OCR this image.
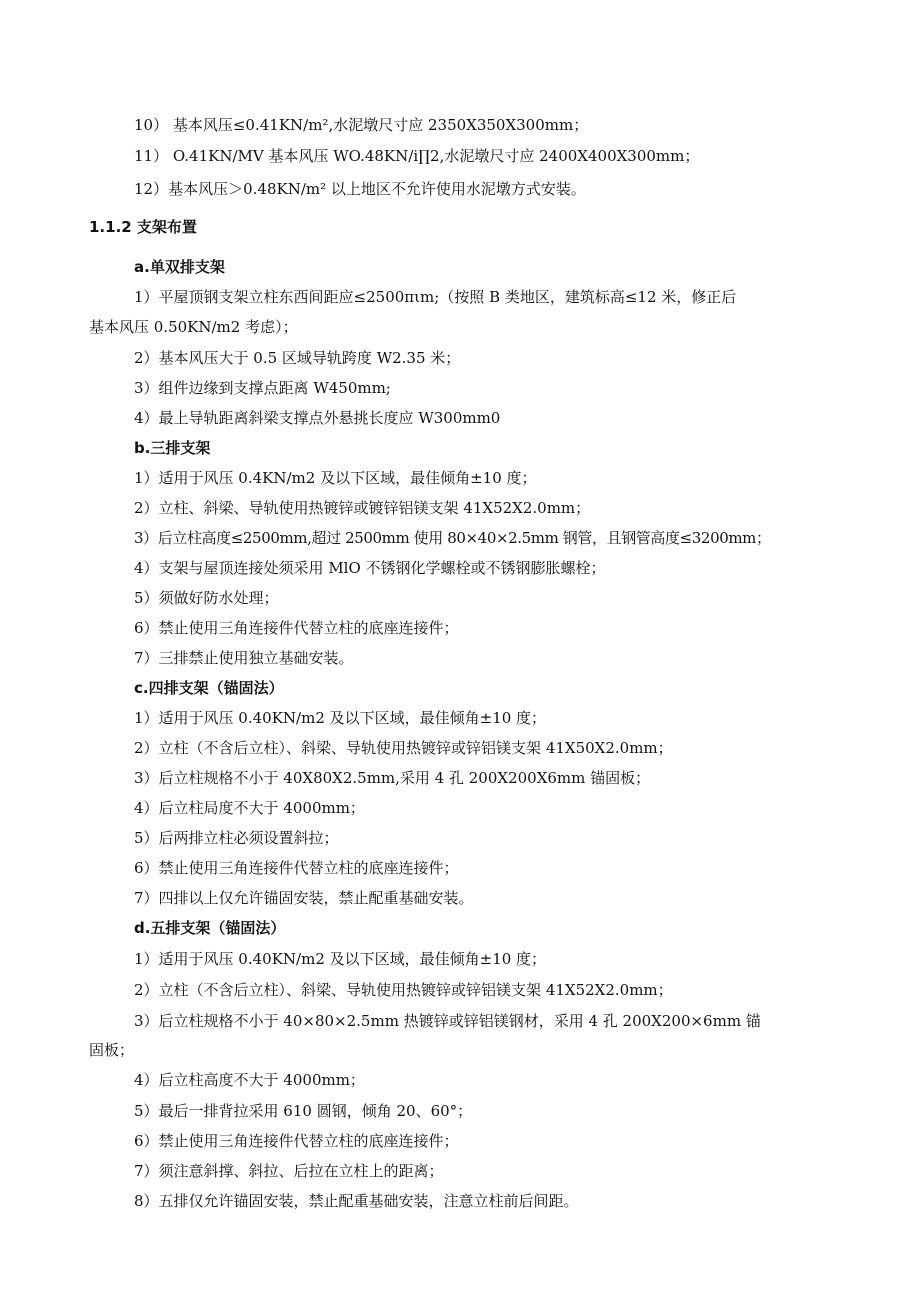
10） 基本风压≤0.41KN∕m²,水泥墩尺寸应 2350X350X300mm；
11） O.41KN∕MV 基本风压 WO.48KN∕i∏2,水泥墩尺寸应 2400X400X300mm；
12）基本风压＞0.48KN∕m² 以上地区不允许使用水泥墩方式安装。
1.1.2 支架布置
a.单双排支架
1）平屋顶钢支架立柱东西间距应≤2500πιm;（按照 B 类地区，建筑标高≤12 米，修正后
基本风压 0.50KN∕m2 考虑）；
2）基本风压大于 0.5 区域导轨跨度 W2.35 米；
3）组件边缘到支撑点距离 W450mm;
4）最上导轨距离斜梁支撑点外悬挑长度应 W300mm0
b.三排支架
1）适用于风压 0.4KN∕m2 及以下区域，最佳倾角±10 度；
2）立柱、斜梁、导轨使用热镀锌或镀锌铝镁支架 41X52X2.0mm；
3）后立柱高度≤2500mm,超过 2500mm 使用 80×40×2.5mm 钢管，且钢管高度≤3200mm；
4）支架与屋顶连接处须采用 MlO 不锈钢化学螺栓或不锈钢膨胀螺栓；
5）须做好防水处理；
6）禁止使用三角连接件代替立柱的底座连接件；
7）三排禁止使用独立基础安装。
c.四排支架（锚固法）
1）适用于风压 0.40KN∕m2 及以下区域，最佳倾角±10 度；
2）立柱（不含后立柱）、斜梁、导轨使用热镀锌或锌铝镁支架 41X50X2.0mm；
3）后立柱规格不小于 40X80X2.5mm,采用 4 孔 200X200X6mm 锚固板；
4）后立柱局度不大于 4000mm；
5）后两排立柱必须设置斜拉；
6）禁止使用三角连接件代替立柱的底座连接件；
7）四排以上仅允许锚固安装，禁止配重基础安装。
d.五排支架（锚固法）
1）适用于风压 0.40KN∕m2 及以下区域，最佳倾角±10 度；
2）立柱（不含后立柱）、斜梁、导轨使用热镀锌或锌铝镁支架 41X52X2.0mm；
3）后立柱规格不小于 40×80×2.5mm 热镀锌或锌铝镁钢材，采用 4 孔 200X200×6mm 锚
固板；
4）后立柱高度不大于 4000mm；
5）最后一排背拉采用 610 圆钢，倾角 20、60°；
6）禁止使用三角连接件代替立柱的底座连接件；
7）须注意斜撑、斜拉、后拉在立柱上的距离；
8）五排仅允许锚固安装，禁止配重基础安装，注意立柱前后间距。
